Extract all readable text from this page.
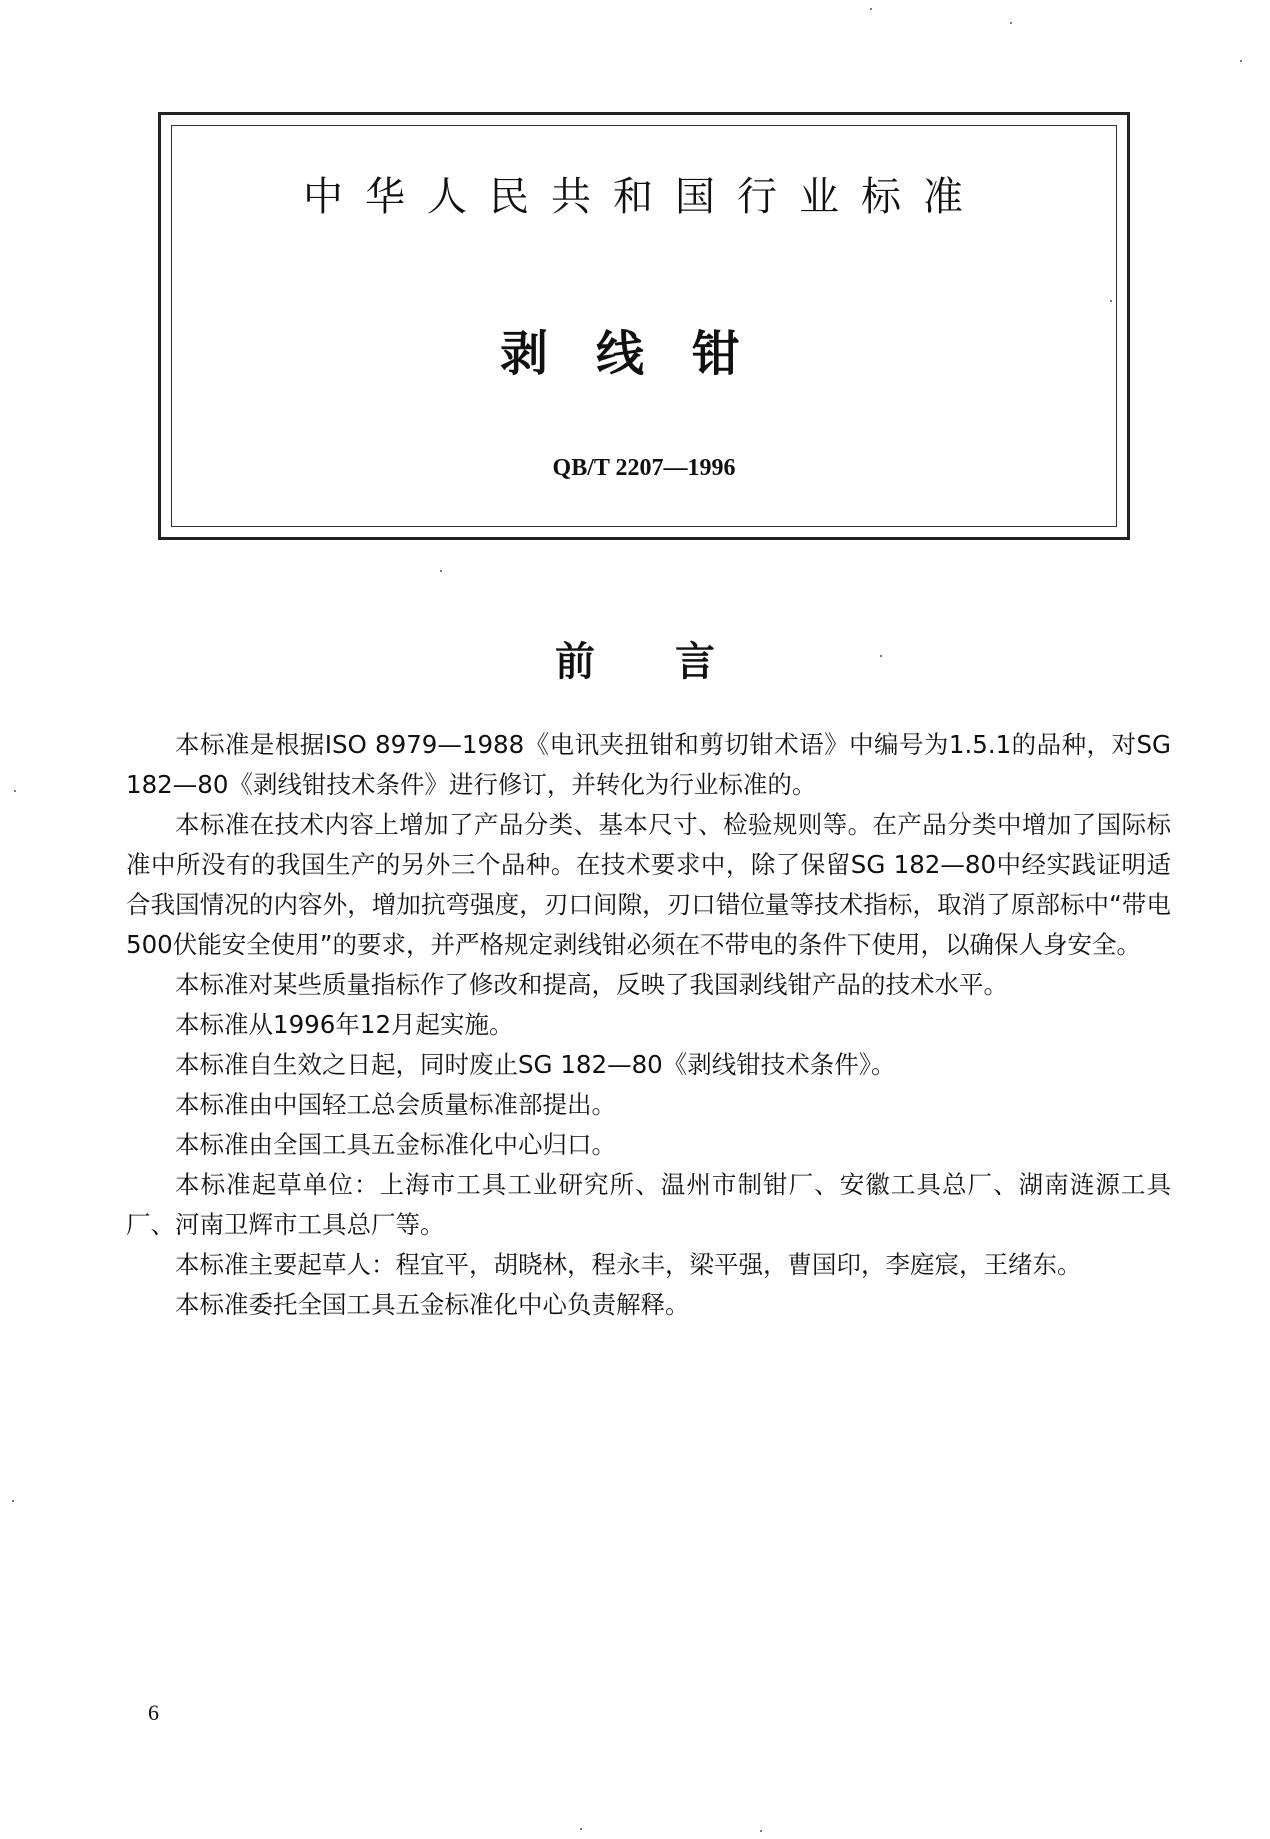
中华人民共和国行业标准
剥线钳
QB/T 2207—1996
前言

本标准是根据ISO 8979—1988《电讯夹扭钳和剪切钳术语》中编号为1.5.1的品种，对SG 182—80《剥线钳技术条件》进行修订，并转化为行业标准的。

本标准在技术内容上增加了产品分类、基本尺寸、检验规则等。在产品分类中增加了国际标准中所没有的我国生产的另外三个品种。在技术要求中，除了保留SG 182—80中经实践证明适合我国情况的内容外，增加抗弯强度，刃口间隙，刃口错位量等技术指标，取消了原部标中“带电500伏能安全使用”的要求，并严格规定剥线钳必须在不带电的条件下使用，以确保人身安全。

本标准对某些质量指标作了修改和提高，反映了我国剥线钳产品的技术水平。

本标准从1996年12月起实施。

本标准自生效之日起，同时废止SG 182—80《剥线钳技术条件》。

本标准由中国轻工总会质量标准部提出。

本标准由全国工具五金标准化中心归口。

本标准起草单位：上海市工具工业研究所、温州市制钳厂、安徽工具总厂、湖南涟源工具厂、河南卫辉市工具总厂等。

本标准主要起草人：程宜平，胡晓林，程永丰，梁平强，曹国印，李庭宸，王绪东。

本标准委托全国工具五金标准化中心负责解释。

6
